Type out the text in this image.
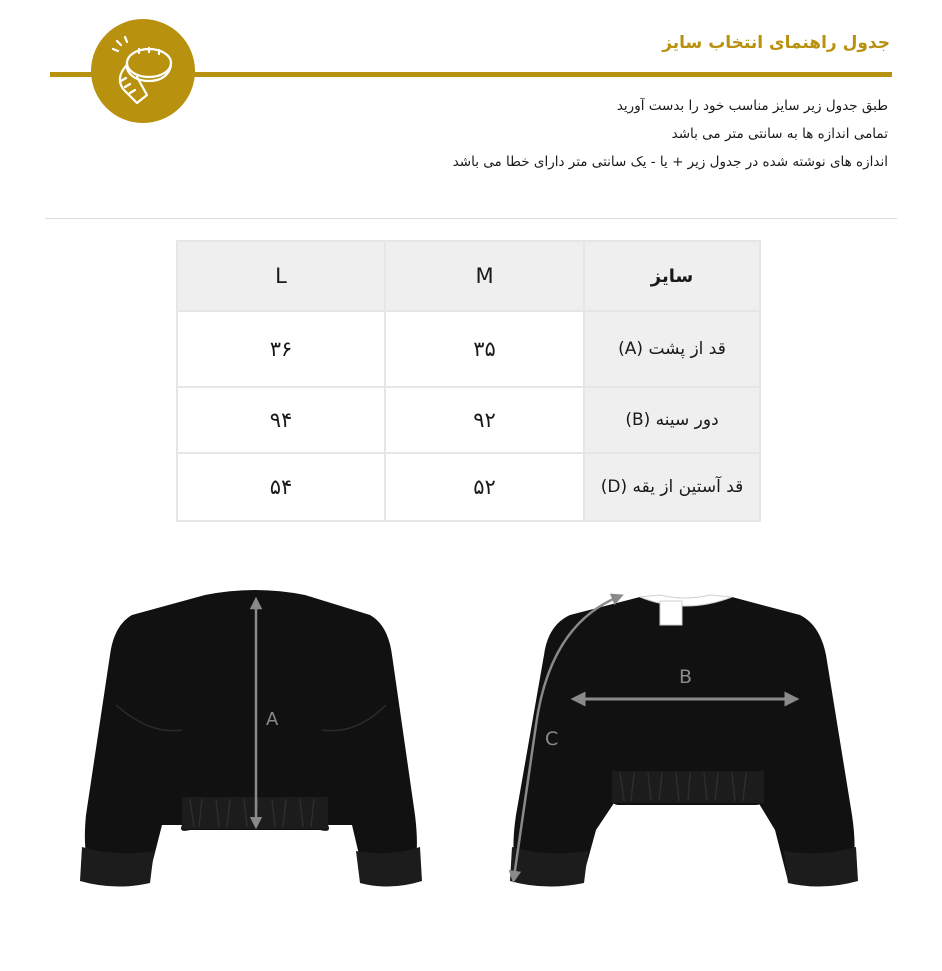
جدول راهنمای انتخاب سایز
طبق جدول زیر سایز مناسب خود را بدست آورید
تمامی اندازه ها به سانتی متر می باشد
اندازه های نوشته شده در جدول زیر + یا - یک سانتی متر دارای خطا می باشد
سایز	M	L
قد از پشت (A)	۳۵	۳۶
دور سینه (B)	۹۲	۹۴
قد آستین از یقه (D)	۵۲	۵۴
A
B
C
